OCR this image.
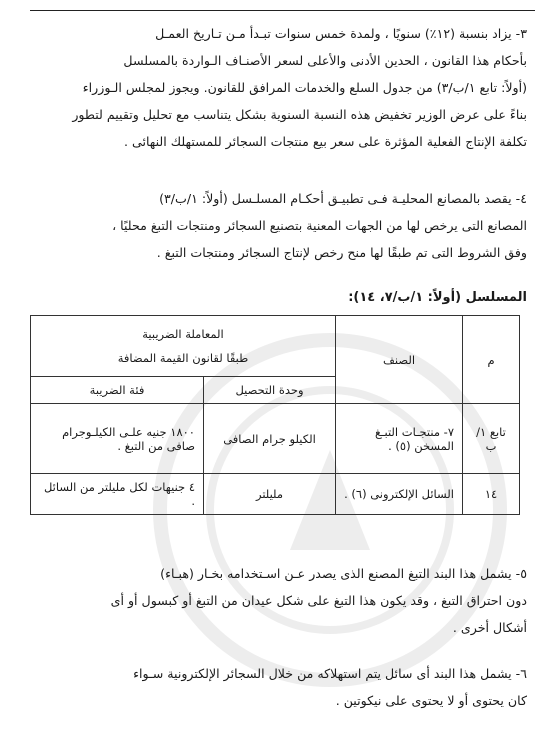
٣- يزاد بنسبة (١٢٪) سنويًا ، ولمدة خمس سنوات تبـدأ مـن تـاريخ العمـل
بأحكام هذا القانون ، الحدين الأدنى والأعلى لسعر الأصنـاف الـواردة بالمسلسل
(أولاً: تابع ١/ب/٣) من جدول السلع والخدمات المرافق للقانون. ويجوز لمجلس الـوزراء
بناءً على عرض الوزير تخفيض هذه النسبة السنوية بشكل يتناسب مع تحليل وتقييم لتطور
تكلفة الإنتاج الفعلية المؤثرة على سعر بيع منتجات السجائر للمستهلك النهائى .
٤- يقصد بالمصانع المحليـة فـى تطبيـق أحكـام المسلـسل (أولاً: ١/ب/٣)
المصانع التى يرخص لها من الجهات المعنية بتصنيع السجائر ومنتجات التبغ محليًا ،
وفق الشروط التى تم طبقًا لها منح رخص لإنتاج السجائر ومنتجات التبغ .
المسلسل (أولاً: ١/ب/٧، ١٤):
م	الصنف	المعاملة الضريبية
طبقًا لقانون القيمة المضافة	

		وحدة التحصيل	فئة الضريبة
تابع ١/ب	٧- منتجـات التبـغ المسخن (٥) .	الكيلو جرام الصافى	١٨٠٠ جنيه علـى الكيلـوجرام صافى من التبغ .
١٤	السائل الإلكترونى (٦) .	مليلتر	٤ جنيهات لكل مليلتر من السائل .
٥- يشمل هذا البند التبغ المصنع الذى يصدر عـن اسـتخدامه بخـار (هبـاء)
دون احتراق التبغ ، وقد يكون هذا التبغ على شكل عيدان من التبغ أو كبسول أو أى
أشكال أخرى .
٦- يشمل هذا البند أى سائل يتم استهلاكه من خلال السجائر الإلكترونية سـواء
كان يحتوى أو لا يحتوى على نيكوتين .
